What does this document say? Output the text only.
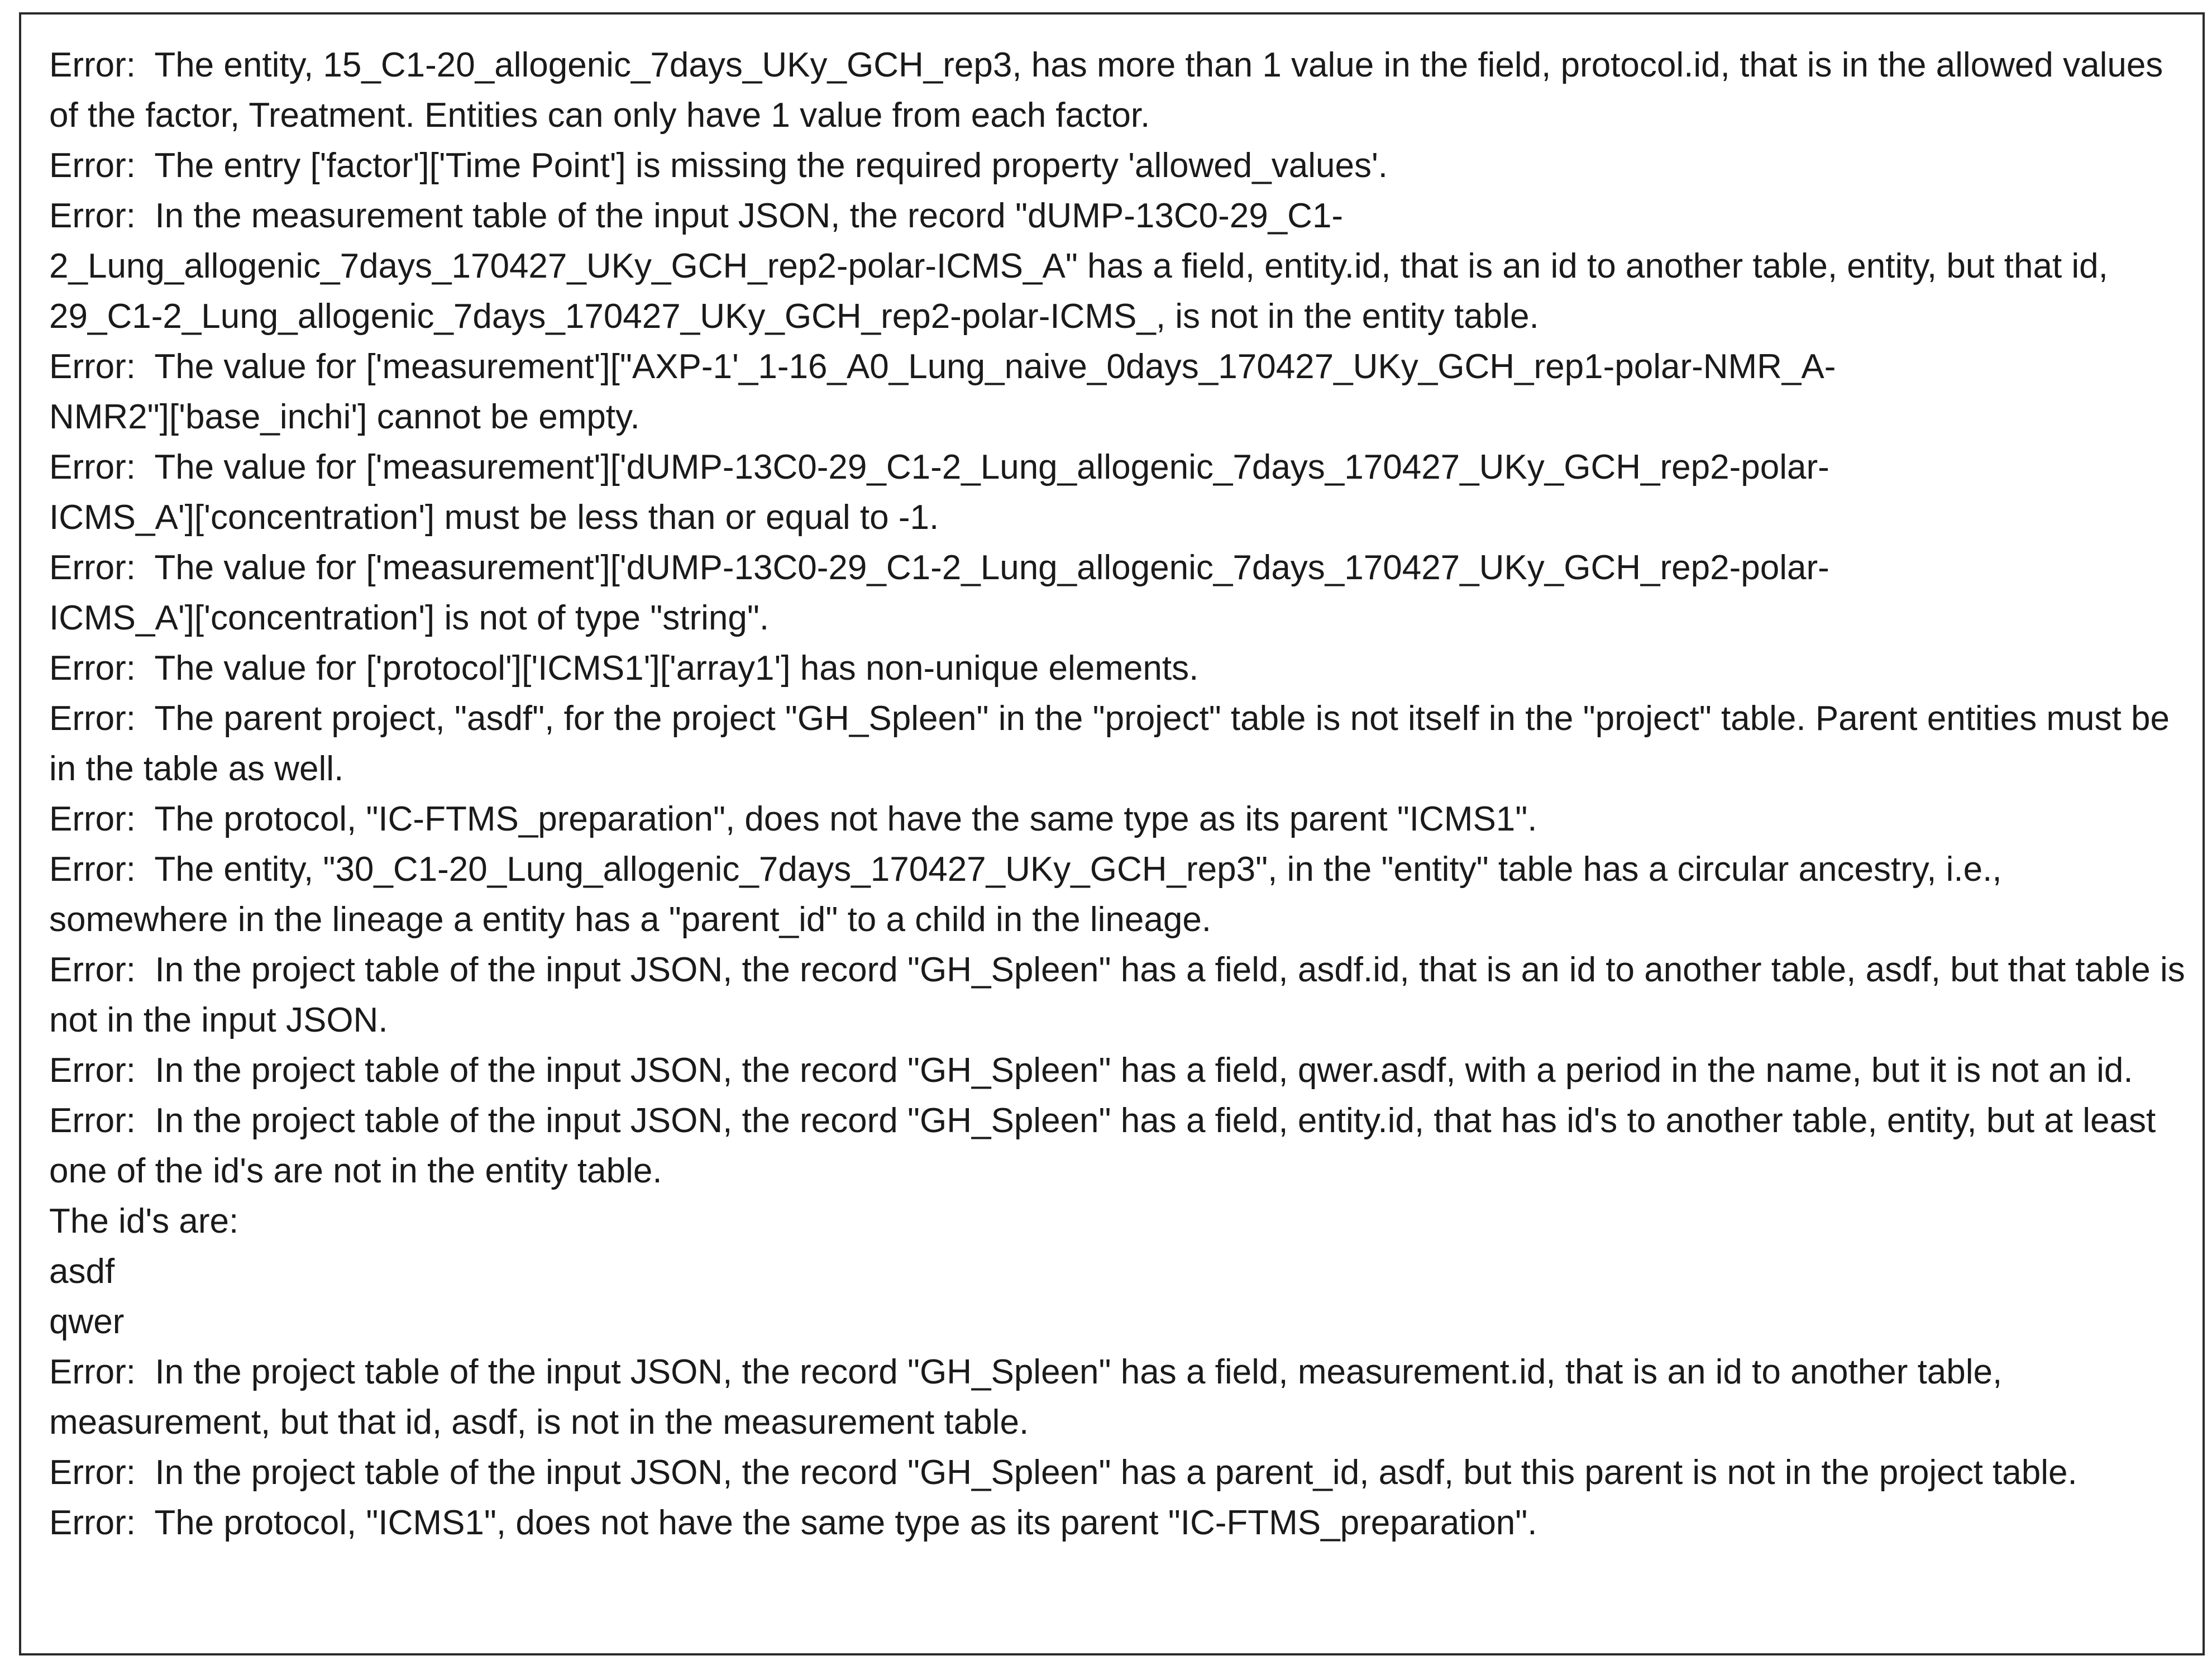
Error:  The entity, 15_C1-20_allogenic_7days_UKy_GCH_rep3, has more than 1 value in the field, protocol.id, that is in the allowed values of the factor, Treatment. Entities can only have 1 value from each factor.
Error:  The entry ['factor']['Time Point'] is missing the required property 'allowed_values'.
Error:  In the measurement table of the input JSON, the record "dUMP-13C0-29_C1-
2_Lung_allogenic_7days_170427_UKy_GCH_rep2-polar-ICMS_A" has a field, entity.id, that is an id to another table, entity, but that id, 29_C1-2_Lung_allogenic_7days_170427_UKy_GCH_rep2-polar-ICMS_, is not in the entity table.
Error:  The value for ['measurement']["AXP-1'_1-16_A0_Lung_naive_0days_170427_UKy_GCH_rep1-polar-NMR_A-
NMR2"]['base_inchi'] cannot be empty.
Error:  The value for ['measurement']['dUMP-13C0-29_C1-2_Lung_allogenic_7days_170427_UKy_GCH_rep2-polar-
ICMS_A']['concentration'] must be less than or equal to -1.
Error:  The value for ['measurement']['dUMP-13C0-29_C1-2_Lung_allogenic_7days_170427_UKy_GCH_rep2-polar-
ICMS_A']['concentration'] is not of type "string".
Error:  The value for ['protocol']['ICMS1']['array1'] has non-unique elements.
Error:  The parent project, "asdf", for the project "GH_Spleen" in the "project" table is not itself in the "project" table. Parent entities must be in the table as well.
Error:  The protocol, "IC-FTMS_preparation", does not have the same type as its parent "ICMS1".
Error:  The entity, "30_C1-20_Lung_allogenic_7days_170427_UKy_GCH_rep3", in the "entity" table has a circular ancestry, i.e., somewhere in the lineage a entity has a "parent_id" to a child in the lineage.
Error:  In the project table of the input JSON, the record "GH_Spleen" has a field, asdf.id, that is an id to another table, asdf, but that table is not in the input JSON.
Error:  In the project table of the input JSON, the record "GH_Spleen" has a field, qwer.asdf, with a period in the name, but it is not an id.
Error:  In the project table of the input JSON, the record "GH_Spleen" has a field, entity.id, that has id's to another table, entity, but at least one of the id's are not in the entity table.
The id's are:
asdf
qwer
Error:  In the project table of the input JSON, the record "GH_Spleen" has a field, measurement.id, that is an id to another table, measurement, but that id, asdf, is not in the measurement table.
Error:  In the project table of the input JSON, the record "GH_Spleen" has a parent_id, asdf, but this parent is not in the project table.
Error:  The protocol, "ICMS1", does not have the same type as its parent "IC-FTMS_preparation".
